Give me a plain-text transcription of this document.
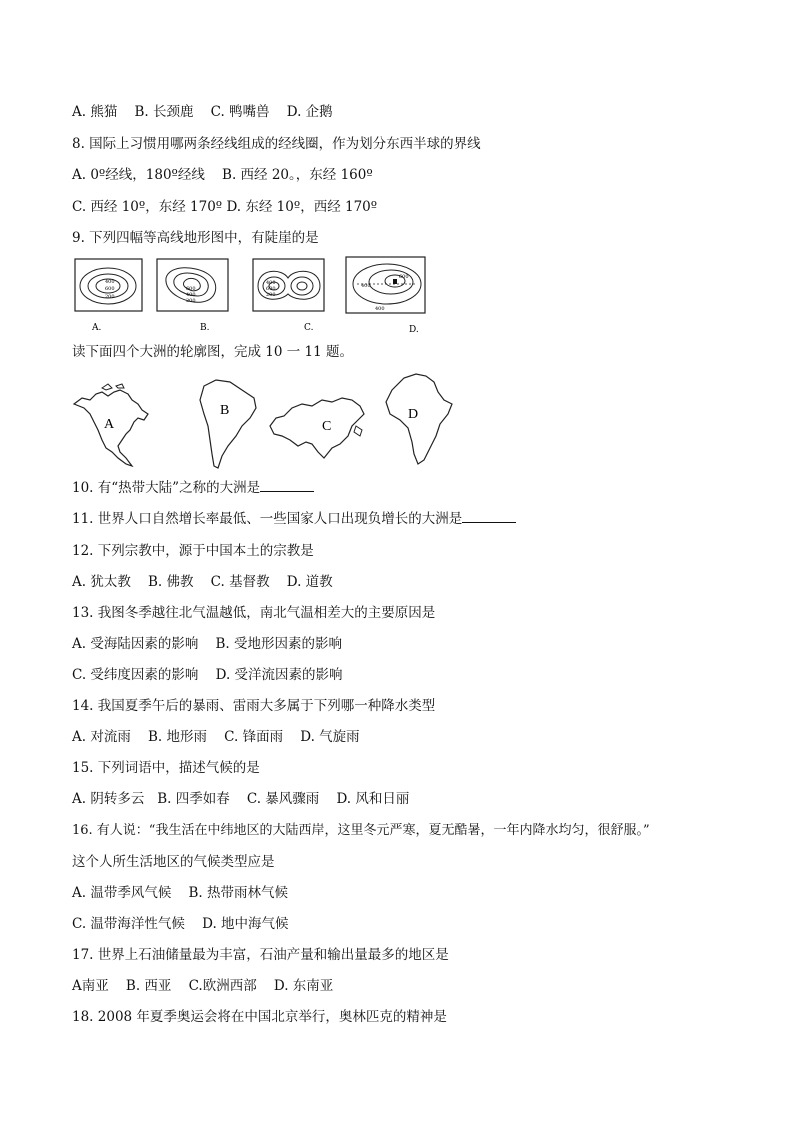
A. 熊猫    B. 长颈鹿    C. 鸭嘴兽    D. 企鹅
8. 国际上习惯用哪两条经线组成的经线圈，作为划分东西半球的界线
A. 0º经线，180º经线    B. 西经 20。，东经 160º
C. 西经 10º，东经 170º D. 东经 10º，西经 170º
9. 下列四幅等高线地形图中，有陡崖的是
400
600
200
A.
600
400
200
B.
400
600
200
C.
600
400
400
D.
读下面四个大洲的轮廓图，完成 10 一 11 题。
A
B
C
D
10. 有“热带大陆”之称的大洲是
11. 世界人口自然增长率最低、一些国家人口出现负增长的大洲是
12. 下列宗教中，源于中国本土的宗教是
A. 犹太教    B. 佛教    C. 基督教    D. 道教
13. 我图冬季越往北气温越低，南北气温相差大的主要原因是
A. 受海陆因素的影响    B. 受地形因素的影响
C. 受纬度因素的影响    D. 受洋流因素的影响
14. 我国夏季午后的暴雨、雷雨大多属于下列哪一种降水类型
A. 对流雨    B. 地形雨    C. 锋面雨    D. 气旋雨
15. 下列词语中，描述气候的是
A. 阴转多云   B. 四季如春    C. 暴风骤雨    D. 风和日丽
16. 有人说：“我生活在中纬地区的大陆西岸，这里冬元严寒，夏无酷暑，一年内降水均匀，很舒服。”
这个人所生活地区的气候类型应是
A. 温带季风气候    B. 热带雨林气候
C. 温带海洋性气候    D. 地中海气候
17. 世界上石油储量最为丰富，石油产量和输出量最多的地区是
A南亚    B. 西亚    C.欧洲西部    D. 东南亚
18. 2008 年夏季奥运会将在中国北京举行，奥林匹克的精神是
